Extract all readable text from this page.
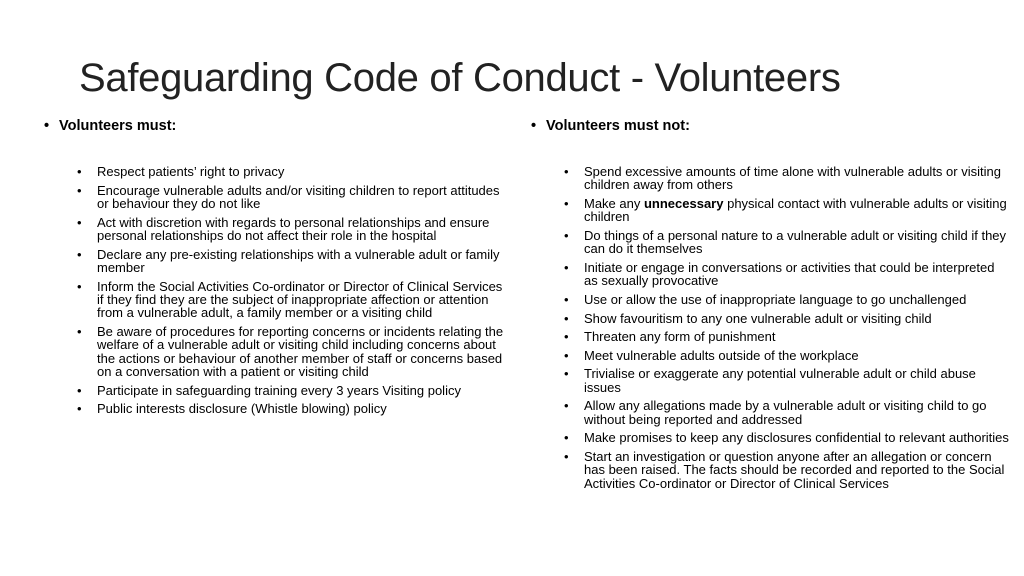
Safeguarding Code of Conduct - Volunteers
• Volunteers must:
• Respect patients’ right to privacy
• Encourage vulnerable adults and/or visiting children to report attitudes or behaviour they do not like
• Act with discretion with regards to personal relationships and ensure personal relationships do not affect their role in the hospital
• Declare any pre-existing relationships with a vulnerable adult or family member
• Inform the Social Activities Co-ordinator or Director of Clinical Services if they find they are the subject of inappropriate affection or attention from a vulnerable adult, a family member or a visiting child
• Be aware of procedures for reporting concerns or incidents relating the welfare of a vulnerable adult or visiting child including concerns about the actions or behaviour of another member of staff or concerns based on a conversation with a patient or visiting child
• Participate in safeguarding training every 3 years Visiting policy
• Public interests disclosure (Whistle blowing) policy
• Volunteers must not:
• Spend excessive amounts of time alone with vulnerable adults or visiting children away from others
• Make any unnecessary physical contact with vulnerable adults or visiting children
• Do things of a personal nature to a vulnerable adult or visiting child if they can do it themselves
• Initiate or engage in conversations or activities that could be interpreted as sexually provocative
• Use or allow the use of inappropriate language to go unchallenged
• Show favouritism to any one vulnerable adult or visiting child
• Threaten any form of punishment
• Meet vulnerable adults outside of the workplace
• Trivialise or exaggerate any potential vulnerable adult or child abuse issues
• Allow any allegations made by a vulnerable adult or visiting child to go without being reported and addressed
• Make promises to keep any disclosures confidential to relevant authorities
• Start an investigation or question anyone after an allegation or concern has been raised. The facts should be recorded and reported to the Social Activities Co-ordinator or Director of Clinical Services
